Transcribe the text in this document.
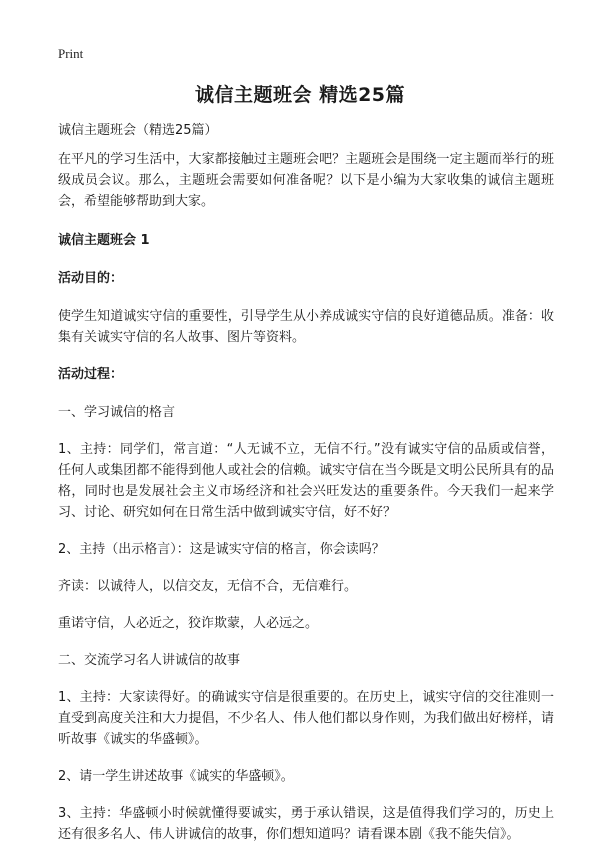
Print
诚信主题班会 精选25篇

诚信主题班会（精选25篇）

在平凡的学习生活中，大家都接触过主题班会吧？主题班会是围绕一定主题而举行的班级成员会议。那么，主题班会需要如何准备呢？以下是小编为大家收集的诚信主题班会，希望能够帮助到大家。

诚信主题班会 1

活动目的：

使学生知道诚实守信的重要性，引导学生从小养成诚实守信的良好道德品质。准备：收集有关诚实守信的名人故事、图片等资料。

活动过程：

一、学习诚信的格言

1、主持：同学们，常言道：“人无诚不立，无信不行。”没有诚实守信的品质或信誉，任何人或集团都不能得到他人或社会的信赖。诚实守信在当今既是文明公民所具有的品格，同时也是发展社会主义市场经济和社会兴旺发达的重要条件。今天我们一起来学习、讨论、研究如何在日常生活中做到诚实守信，好不好？

2、主持（出示格言）：这是诚实守信的格言，你会读吗？

齐读：以诚待人，以信交友，无信不合，无信难行。

重诺守信，人必近之，狡诈欺蒙，人必远之。

二、交流学习名人讲诚信的故事

1、主持：大家读得好。的确诚实守信是很重要的。在历史上，诚实守信的交往准则一直受到高度关注和大力提倡，不少名人、伟人他们都以身作则，为我们做出好榜样，请听故事《诚实的华盛顿》。

2、请一学生讲述故事《诚实的华盛顿》。

3、主持：华盛顿小时候就懂得要诚实，勇于承认错误，这是值得我们学习的，历史上还有很多名人、伟人讲诚信的故事，你们想知道吗？请看课本剧《我不能失信》。
